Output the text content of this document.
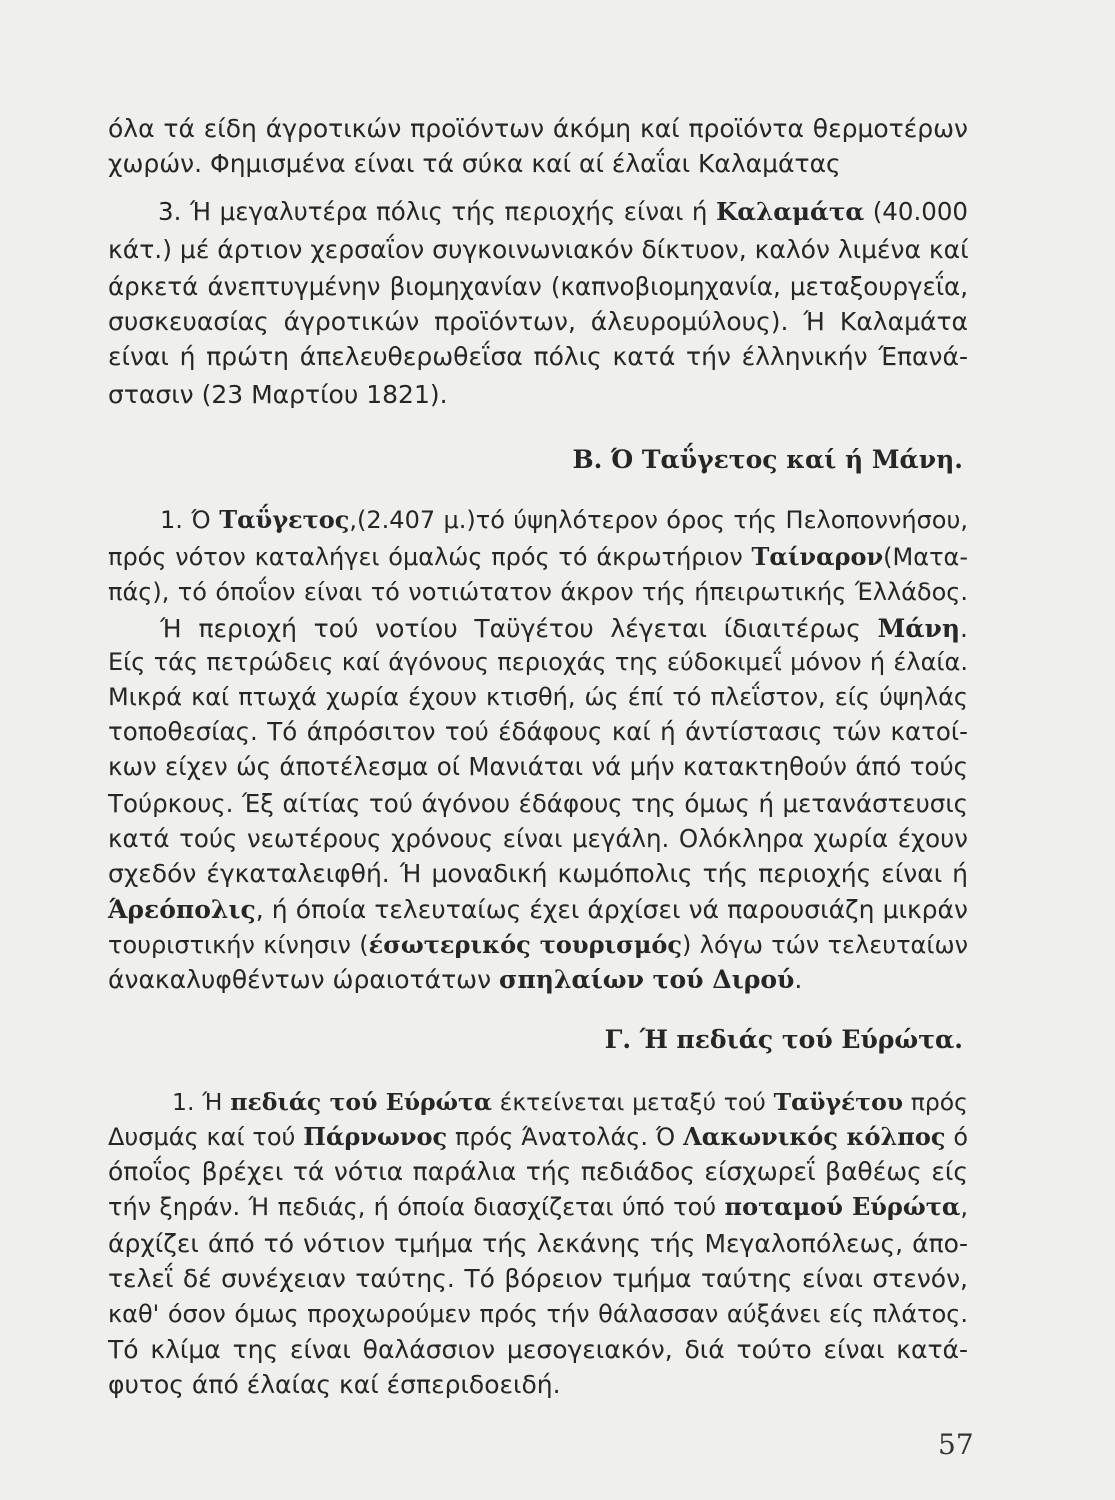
όλα τά είδη άγροτικών προϊόντων άκόμη καί προϊόντα θερμοτέρων
χωρών. Φημισμένα είναι τά σύκα καί αί έλαΐαι Καλαμάτας
3. Ή μεγαλυτέρα πόλις τής περιοχής είναι ή Καλαμάτα (40.000
κάτ.) μέ άρτιον χερσαΐον συγκοινωνιακόν δίκτυον, καλόν λιμένα καί
άρκετά άνεπτυγμένην βιομηχανίαν (καπνοβιομηχανία, μεταξουργεΐα,
συσκευασίας άγροτικών προϊόντων, άλευρομύλους). Ή Καλαμάτα
είναι ή πρώτη άπελευθερωθεΐσα πόλις κατά τήν έλληνικήν Έπανά-
στασιν (23 Μαρτίου 1821).
Β. Ό Ταΰγετος καί ή Μάνη.
1. Ό Ταΰγετος,(2.407 μ.)τό ύψηλότερον όρος τής Πελοποννήσου,
πρός νότον καταλήγει όμαλώς πρός τό άκρωτήριον Ταίναρον(Ματα-
πάς), τό όποΐον είναι τό νοτιώτατον άκρον τής ήπειρωτικής Έλλάδος.
Ή περιοχή τού νοτίου Ταϋγέτου λέγεται ίδιαιτέρως Μάνη.
Είς τάς πετρώδεις καί άγόνους περιοχάς της εύδοκιμεΐ μόνον ή έλαία.
Μικρά καί πτωχά χωρία έχουν κτισθή, ώς έπί τό πλεΐστον, είς ύψηλάς
τοποθεσίας. Τό άπρόσιτον τού έδάφους καί ή άντίστασις τών κατοί-
κων είχεν ώς άποτέλεσμα οί Μανιάται νά μήν κατακτηθούν άπό τούς
Τούρκους. Έξ αίτίας τού άγόνου έδάφους της όμως ή μετανάστευσις
κατά τούς νεωτέρους χρόνους είναι μεγάλη. Ολόκληρα χωρία έχουν
σχεδόν έγκαταλειφθή. Ή μοναδική κωμόπολις τής περιοχής είναι ή
Άρεόπολις, ή όποία τελευταίως έχει άρχίσει νά παρουσιάζη μικράν
τουριστικήν κίνησιν (έσωτερικός τουρισμός) λόγω τών τελευταίων
άνακαλυφθέντων ώραιοτάτων σπηλαίων τού Διρού.
Γ. Ή πεδιάς τού Εύρώτα.
1. Ή πεδιάς τού Εύρώτα έκτείνεται μεταξύ τού Ταϋγέτου πρός
Δυσμάς καί τού Πάρνωνος πρός Άνατολάς. Ό Λακωνικός κόλπος ό
όποΐος βρέχει τά νότια παράλια τής πεδιάδος είσχωρεΐ βαθέως είς
τήν ξηράν. Ή πεδιάς, ή όποία διασχίζεται ύπό τού ποταμού Εύρώτα,
άρχίζει άπό τό νότιον τμήμα τής λεκάνης τής Μεγαλοπόλεως, άπο-
τελεΐ δέ συνέχειαν ταύτης. Τό βόρειον τμήμα ταύτης είναι στενόν,
καθ' όσον όμως προχωρούμεν πρός τήν θάλασσαν αύξάνει είς πλάτος.
Τό κλίμα της είναι θαλάσσιον μεσογειακόν, διά τούτο είναι κατά-
φυτος άπό έλαίας καί έσπεριδοειδή.
57
